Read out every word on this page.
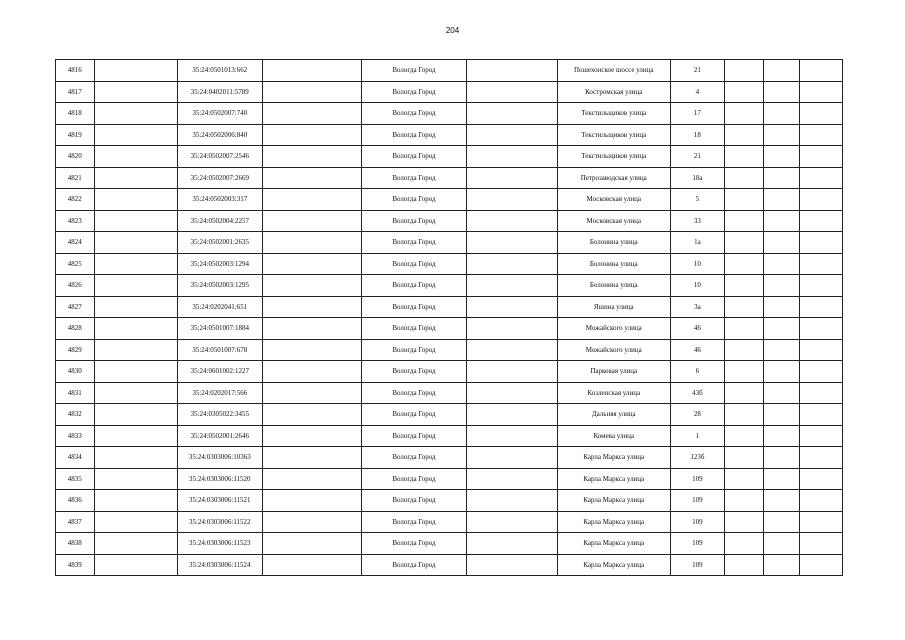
204
4816		35:24:0501013:662		Вологда Город		Пошехонское шоссе улица	21			
4817		35:24:0402011:5789		Вологда Город		Костромская улица	4			
4818		35:24:0502007:740		Вологда Город		Текстильщиков улица	17			
4819		35:24:0502006:840		Вологда Город		Текстильщиков улица	18			
4820		35:24:0502007:2546		Вологда Город		Текстильщиков улица	21			
4821		35:24:0502007:2669		Вологда Город		Петрозаводская улица	18а			
4822		35:24:0502003:317		Вологда Город		Московская улица	5			
4823		35:24:0502004:2257		Вологда Город		Московская улица	33			
4824		35:24:0502001:2635		Вологда Город		Болонина улица	1а			
4825		35:24:0502003:1294		Вологда Город		Болонина улица	10			
4826		35:24:0502003:1295		Вологда Город		Болонина улица	10			
4827		35:24:0202041:651		Вологда Город		Яшина улица	3а			
4828		35:24:0501007:1884		Вологда Город		Можайского улица	46			
4829		35:24:0501007:678		Вологда Город		Можайского улица	46			
4830		35:24:0601002:1227		Вологда Город		Парковая улица	6			
4831		35:24:0202017:566		Вологда Город		Козленская улица	43б			
4832		35:24:0305022:3455		Вологда Город		Дальняя улица	28			
4833		35:24:0502001:2646		Вологда Город		Комева улица	1			
4834		35:24:0303006:10363		Вологда Город		Карла Маркса улица	123б			
4835		35:24:0303006:11520		Вологда Город		Карла Маркса улица	109			
4836		35:24:0303006:11521		Вологда Город		Карла Маркса улица	109			
4837		35:24:0303006:11522		Вологда Город		Карла Маркса улица	109			
4838		35:24:0303006:11523		Вологда Город		Карла Маркса улица	109			
4839		35:24:0303006:11524		Вологда Город		Карла Маркса улица	109			
